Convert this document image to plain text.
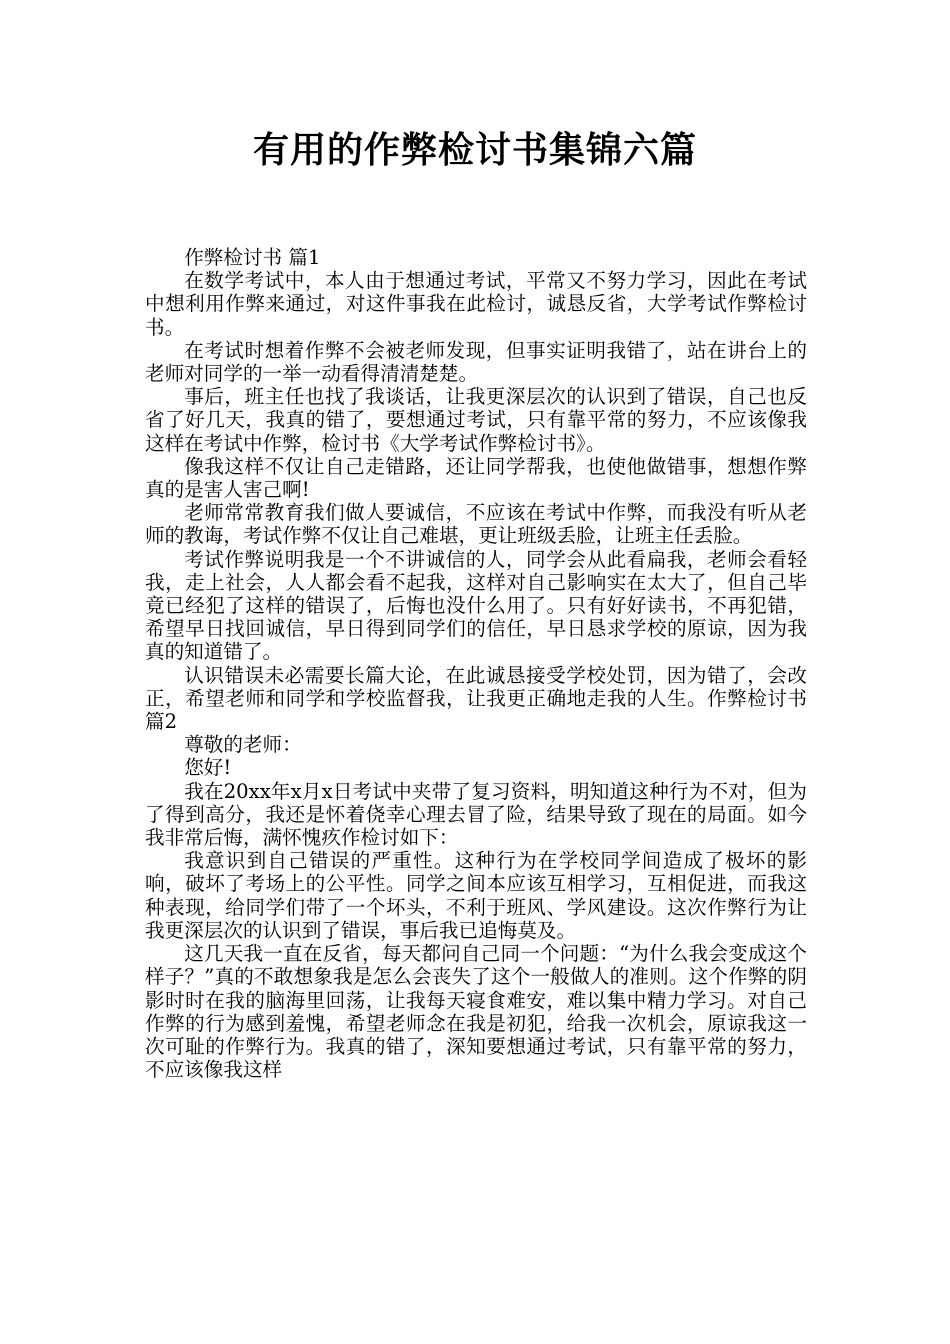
有用的作弊检讨书集锦六篇

作弊检讨书 篇1

在数学考试中，本人由于想通过考试，平常又不努力学习，因此在考试中想利用作弊来通过，对这件事我在此检讨，诚恳反省，大学考试作弊检讨书。

在考试时想着作弊不会被老师发现，但事实证明我错了，站在讲台上的老师对同学的一举一动看得清清楚楚。

事后，班主任也找了我谈话，让我更深层次的认识到了错误，自己也反省了好几天，我真的错了，要想通过考试，只有靠平常的努力，不应该像我这样在考试中作弊，检讨书《大学考试作弊检讨书》。

像我这样不仅让自己走错路，还让同学帮我，也使他做错事，想想作弊真的是害人害己啊!

老师常常教育我们做人要诚信，不应该在考试中作弊，而我没有听从老师的教诲，考试作弊不仅让自己难堪，更让班级丢脸，让班主任丢脸。

考试作弊说明我是一个不讲诚信的人，同学会从此看扁我，老师会看轻我，走上社会，人人都会看不起我，这样对自己影响实在太大了，但自己毕竟已经犯了这样的错误了，后悔也没什么用了。只有好好读书，不再犯错，希望早日找回诚信，早日得到同学们的信任，早日恳求学校的原谅，因为我真的知道错了。

认识错误未必需要长篇大论，在此诚恳接受学校处罚，因为错了，会改正，希望老师和同学和学校监督我，让我更正确地走我的人生。作弊检讨书 篇2

尊敬的老师：

您好!

我在20xx年x月x日考试中夹带了复习资料，明知道这种行为不对，但为了得到高分，我还是怀着侥幸心理去冒了险，结果导致了现在的局面。如今我非常后悔，满怀愧疚作检讨如下：

我意识到自己错误的严重性。这种行为在学校同学间造成了极坏的影响，破坏了考场上的公平性。同学之间本应该互相学习，互相促进，而我这种表现，给同学们带了一个坏头，不利于班风、学风建设。这次作弊行为让我更深层次的认识到了错误，事后我已追悔莫及。

这几天我一直在反省，每天都问自己同一个问题：“为什么我会变成这个样子？”真的不敢想象我是怎么会丧失了这个一般做人的准则。这个作弊的阴影时时在我的脑海里回荡，让我每天寝食难安，难以集中精力学习。对自己作弊的行为感到羞愧，希望老师念在我是初犯，给我一次机会，原谅我这一次可耻的作弊行为。我真的错了，深知要想通过考试，只有靠平常的努力，不应该像我这样
